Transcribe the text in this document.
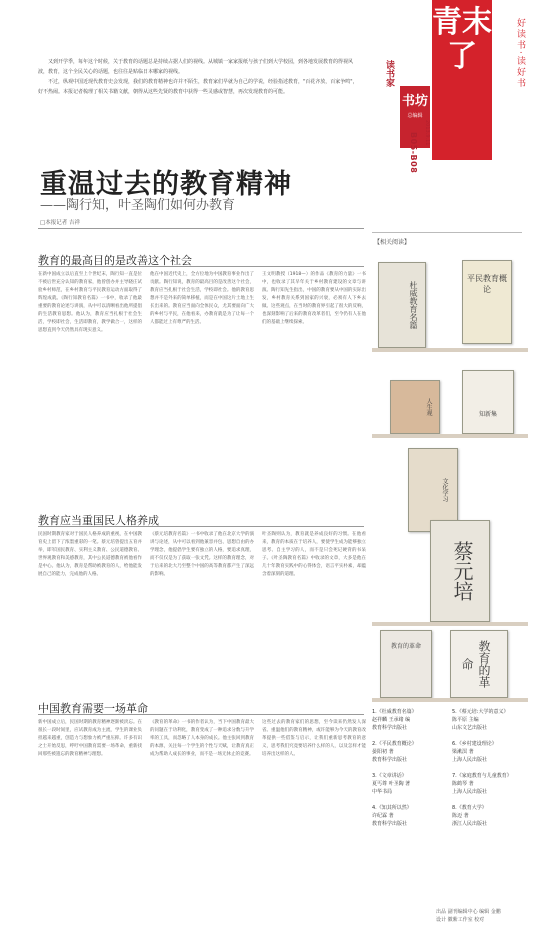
又到开学季，每年这个时候，关于教育的话题总是持续占据人们的视线。从城镇一家家报纸与孩子们到大学校园，到各地发展教育的得视风波，教育，这个全民关心的话题，也往往是贴临日本哪家的视线。

不过，纵观中国近现代教育史会发现，我们的教育精神也许并不陌生，教育家们早就为自己的学说，经验指述教育，"百花齐放，百家争鸣"，好不热闹。本报记者梳理了相关书籍文献，朝得从这些先贤的教育中获得一些灵感或智慧，再次发现教育的可能。

读书家
书坊
总编辑
B05-B08	2013.9.11
青末了	好读书·读好书
重温过去的教育精神
——陶行知，叶圣陶们如何办教育
□本报记者 吉祥
教育的最高目的是改善这个社会
在新中国成立以后直至上个世纪末，陶行知一直是位不被后世充分认知的教育家，他曾创办并主导晓庄试验乡村师范，在乡村教育与平民教育运动方面取得了辉煌成就。《陶行知教育名篇》一书中，收录了他最重要的教育论述与讲演，从中可以清晰看出他所提倡的生活教育思想。他认为，教育应当扎根于社会生活，学校即社会，生活即教育，教学做合一，这样的思想直到今天仍然具有现实意义。
他在中国近代史上，全方位地为中国教育事业作出了贡献。陶行知说，教育的最高目的是改善这个社会，教育应当扎根于社会生活，学校即社会。他的教育思想并不是外来的简单移植，而是在中国这片土地上生长出来的。教育应当面向全体民众，尤其要面向广大的乡村与平民，在他看来，办教育就是为了让每一个人都能过上有尊严的生活。
王文明教授（1918—）的作品《教育的力量》一书中，也收录了其早年关于乡村教育建设的文章与讲演。陶行知先生指出，中国的教育要从中国的实际出发，乡村教育关系到国家的兴衰，必须有人下乡去做。这些观点，在当时的教育界引起了很大的反响，也深刻影响了后来的教育改革者们，至今仍有人在他们的基础上继续探索。
教育应当重国民人格养成
民国时期教育家对于国民人格养成的重视，在中国教育史上留下了浓墨重彩的一笔。蔡元培曾提出五育并举，即军国民教育、实利主义教育、公民道德教育、世界观教育和美感教育，其中公民道德教育被他看作是中心。他认为，教育是帮助被教育的人，给他能发展自己的能力，完成他的人格。
《蔡元培教育名篇》一书中收录了他在北京大学的演讲与论述，从中可以看到他兼容并包、思想自由的办学理念，他提倡学生要有独立的人格，要追求真理，而不仅仅是为了获取一张文凭。这样的教育理念，对于后来的北大乃至整个中国的高等教育都产生了深远的影响。
叶圣陶则认为，教育就是养成良好的习惯。在他看来，教育的本质在于培养人，要使学生成为能够独立思考、自主学习的人，而不是只会死记硬背的书呆子。《叶圣陶教育名篇》中收录的文章，大多是他在几十年教育实践中的心得体会，语言平实朴素，却蕴含着深刻的道理。
中国教育需要一场革命
新中国成立后，民国时期的教育精神逐渐被淡忘。在很长一段时间里，应试教育成为主流，学生的课业负担越来越重，创造力与想象力被严重压抑。许多有识之士开始反思，呼吁中国教育需要一场革命，重新找回那些被遗忘的教育精神与理想。
《教育的革命》一书的作者认为，当下中国教育最大的问题在于功利化，教育变成了一种追求分数与升学率的工具，而忽略了人本身的成长。他主张回到教育的本源，关注每一个学生的个性与天赋，让教育真正成为帮助人成长的事业，而不是一场无休止的竞赛。
这些过去的教育家们的思想，至今读来仍然发人深省。重温他们的教育精神，或许能够为今天的教育改革提供一些借鉴与启示，让我们重新思考教育的意义，思考我们究竟要培养什么样的人，以及怎样才能培养出这样的人。
【相关阅读】
杜威教育名篇
平民教育概论
人生观	知新集
文化学习
蔡元培
教育的革命	教育的革命
1.《杜威教育名篇》
赵祥麟 王承绪 编
教育科学出版社
5.《蔡元培:大学的意义》
陈平原 主编
山东文艺出版社
2.《平民教育概论》
晏阳初 著
教育科学出版社
6.《乡村建设理论》
梁漱溟 著
上海人民出版社
3.《文章讲话》
夏丐尊 叶圣陶 著
中华书局
7.《家庭教育与儿童教育》
陈鹤琴 著
上海人民出版社
4.《知其所以然》
许纪霖 著
教育科学出版社
8.《教育大学》
陈迈 著
浙江人民出版社
出品 副刊编辑中心 编辑 金鹏
设计 徽紫工作室 校对
